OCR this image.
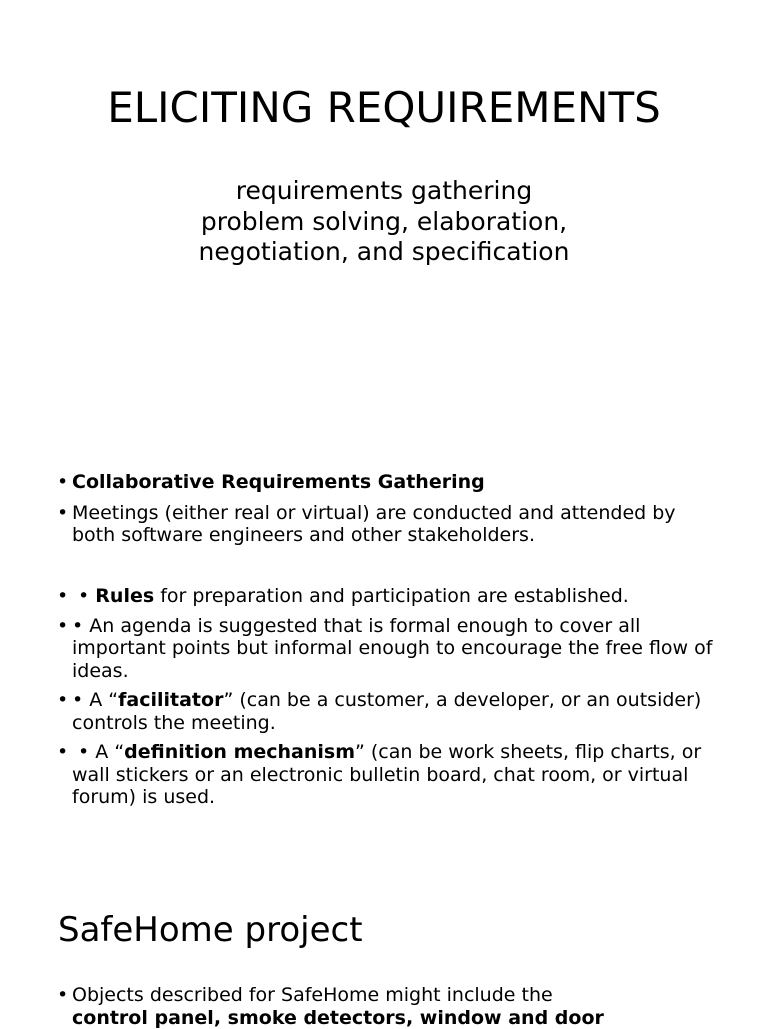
ELICITING REQUIREMENTS
requirements gathering
problem solving, elaboration,
negotiation, and specification
• Collaborative Requirements Gathering
• Meetings (either real or virtual) are conducted and attended by both software engineers and other stakeholders.
• • Rules for preparation and participation are established.
• • An agenda is suggested that is formal enough to cover all important points but informal enough to encourage the free flow of ideas.
• • A “facilitator” (can be a customer, a developer, or an outsider) controls the meeting.
• • A “definition mechanism” (can be work sheets, flip charts, or wall stickers or an electronic bulletin board, chat room, or virtual forum) is used.
SafeHome project
• Objects described for SafeHome might include the
control panel, smoke detectors, window and door
